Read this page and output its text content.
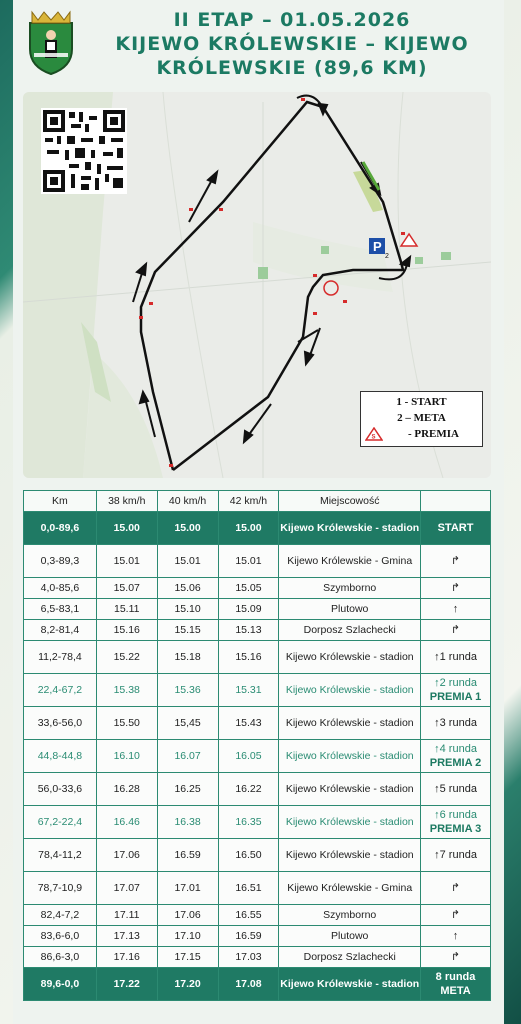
II ETAP – 01.05.2026
KIJEWO KRÓLEWSKIE – KIJEWO
KRÓLEWSKIE (89,6 KM)
P
2
1 - START
2 – META
- PREMIA
S
Km	38 km/h	40 km/h	42 km/h	Miejscowość	
0,0-89,6	15.00	15.00	15.00	Kijewo Królewskie - stadion	START
0,3-89,3	15.01	15.01	15.01	Kijewo Królewskie - Gmina	↱
4,0-85,6	15.07	15.06	15.05	Szymborno	↱
6,5-83,1	15.11	15.10	15.09	Plutowo	↑
8,2-81,4	15.16	15.15	15.13	Dorposz Szlachecki	↱
11,2-78,4	15.22	15.18	15.16	Kijewo Królewskie - stadion	↑1 runda
22,4-67,2	15.38	15.36	15.31	Kijewo Królewskie - stadion	↑2 runda
PREMIA 1
33,6-56,0	15.50	15,45	15.43	Kijewo Królewskie - stadion	↑3 runda
44,8-44,8	16.10	16.07	16.05	Kijewo Królewskie - stadion	↑4 runda
PREMIA 2
56,0-33,6	16.28	16.25	16.22	Kijewo Królewskie - stadion	↑5 runda
67,2-22,4	16.46	16.38	16.35	Kijewo Królewskie - stadion	↑6 runda
PREMIA 3
78,4-11,2	17.06	16.59	16.50	Kijewo Królewskie - stadion	↑7 runda
78,7-10,9	17.07	17.01	16.51	Kijewo Królewskie - Gmina	↱
82,4-7,2	17.11	17.06	16.55	Szymborno	↱
83,6-6,0	17.13	17.10	16.59	Plutowo	↑
86,6-3,0	17.16	17.15	17.03	Dorposz Szlachecki	↱
89,6-0,0	17.22	17.20	17.08	Kijewo Królewskie - stadion	8 runda
META
